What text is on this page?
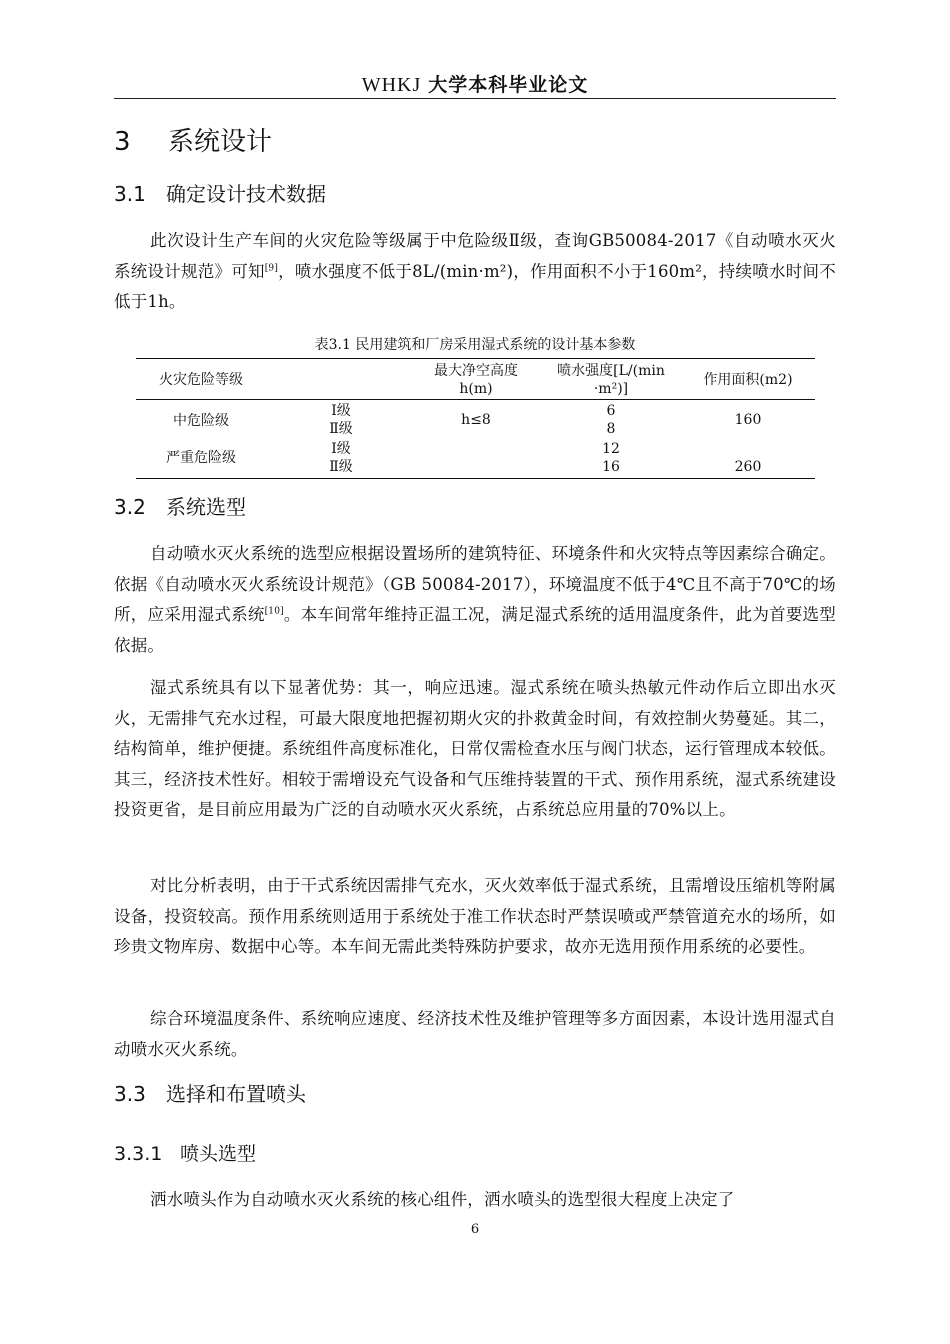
WHKJ 大学本科毕业论文
3 系统设计
3.1 确定设计技术数据
此次设计生产车间的火灾危险等级属于中危险级Ⅱ级，查询GB50084-2017《自动喷水灭火系统设计规范》可知[9]，喷水强度不低于8L/(min·m²)，作用面积不小于160m²，持续喷水时间不低于1h。
表3.1 民用建筑和厂房采用湿式系统的设计基本参数
火灾危险等级
最大净空高度
h(m)
喷水强度[L/(min
·m²)]
作用面积(m2)
中危险级
Ⅰ级
Ⅱ级
h≤8
6
8
160
严重危险级
Ⅰ级
Ⅱ级
12
16	260
3.2 系统选型
自动喷水灭火系统的选型应根据设置场所的建筑特征、环境条件和火灾特点等因素综合确定。依据《自动喷水灭火系统设计规范》（GB 50084-2017），环境温度不低于4℃且不高于70℃的场所，应采用湿式系统[10]。本车间常年维持正温工况，满足湿式系统的适用温度条件，此为首要选型依据。
湿式系统具有以下显著优势：其一，响应迅速。湿式系统在喷头热敏元件动作后立即出水灭火，无需排气充水过程，可最大限度地把握初期火灾的扑救黄金时间，有效控制火势蔓延。其二，结构简单，维护便捷。系统组件高度标准化，日常仅需检查水压与阀门状态，运行管理成本较低。其三，经济技术性好。相较于需增设充气设备和气压维持装置的干式、预作用系统，湿式系统建设投资更省，是目前应用最为广泛的自动喷水灭火系统，占系统总应用量的70%以上。
对比分析表明，由于干式系统因需排气充水，灭火效率低于湿式系统，且需增设压缩机等附属设备，投资较高。预作用系统则适用于系统处于准工作状态时严禁误喷或严禁管道充水的场所，如珍贵文物库房、数据中心等。本车间无需此类特殊防护要求，故亦无选用预作用系统的必要性。
综合环境温度条件、系统响应速度、经济技术性及维护管理等多方面因素，本设计选用湿式自动喷水灭火系统。
3.3 选择和布置喷头
3.3.1 喷头选型
洒水喷头作为自动喷水灭火系统的核心组件，洒水喷头的选型很大程度上决定了
6
